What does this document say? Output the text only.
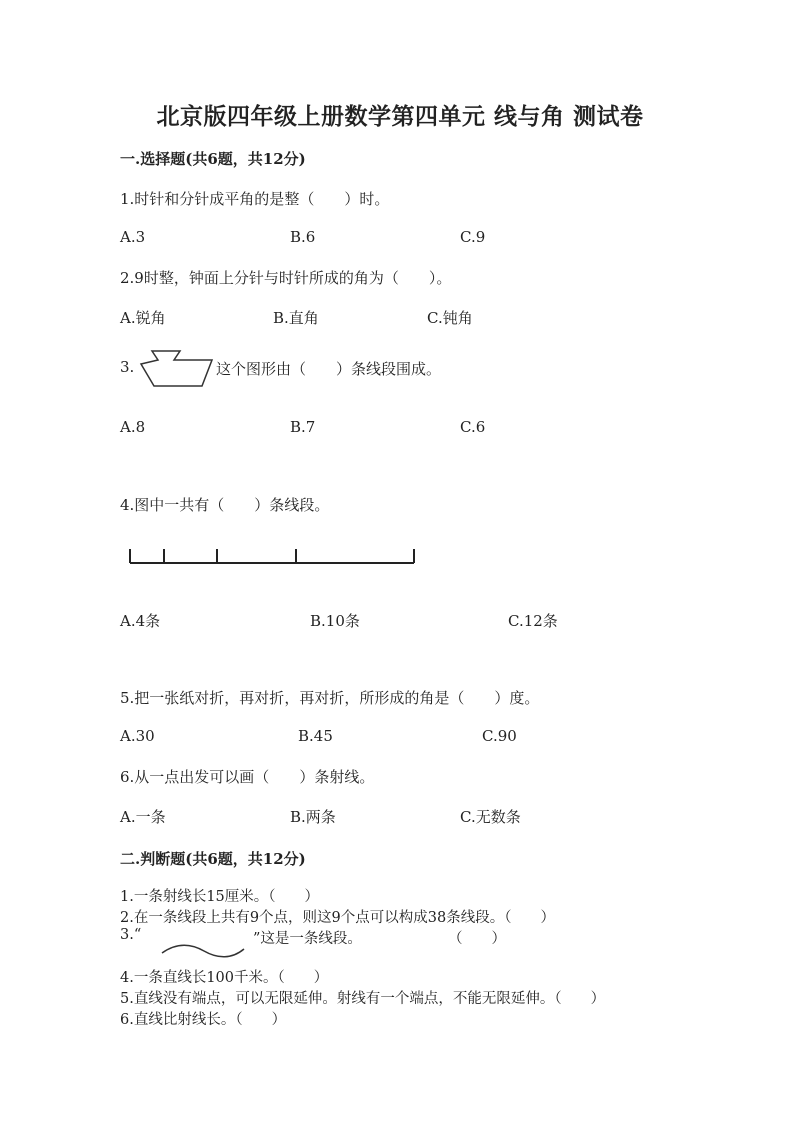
北京版四年级上册数学第四单元 线与角 测试卷
一.选择题(共6题，共12分)
1.时针和分针成平角的是整（　　）时。
A.3	B.6	C.9
2.9时整，钟面上分针与时针所成的角为（　　）。
A.锐角	B.直角	C.钝角
3.	这个图形由（　　）条线段围成。
A.8	B.7	C.6
4.图中一共有（　　）条线段。
A.4条	B.10条	C.12条
5.把一张纸对折，再对折，再对折，所形成的角是（　　）度。
A.30	B.45	C.90
6.从一点出发可以画（　　）条射线。
A.一条	B.两条	C.无数条
二.判断题(共6题，共12分)
1.一条射线长15厘米。（　　）
2.在一条线段上共有9个点，则这9个点可以构成38条线段。（　　）
3.“	”这是一条线段。	（　　）
4.一条直线长100千米。（　　）
5.直线没有端点，可以无限延伸。射线有一个端点，不能无限延伸。（　　）
6.直线比射线长。（　　）
